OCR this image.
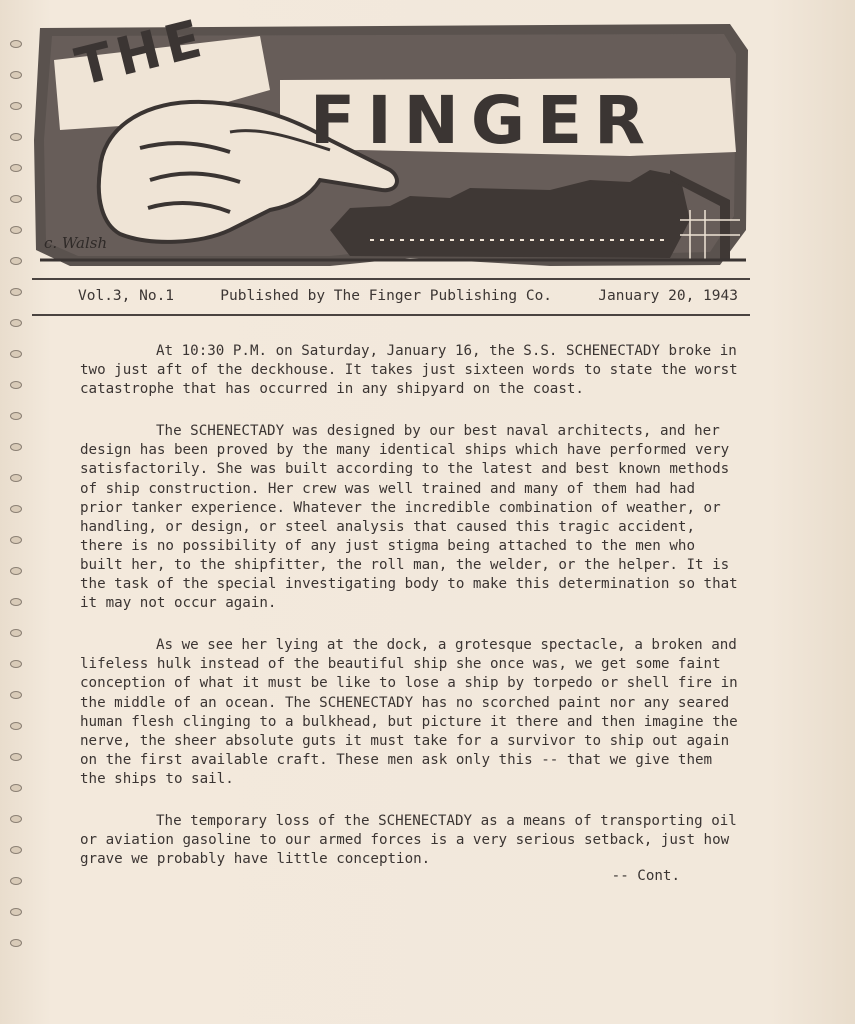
THE
FINGER
c. Walsh
Vol.3, No.1	Published by The Finger Publishing Co.	January 20, 1943

At 10:30 P.M. on Saturday, January 16, the S.S. SCHENECTADY broke in two just aft of the deckhouse. It takes just sixteen words to state the worst catastrophe that has occurred in any shipyard on the coast.

The SCHENECTADY was designed by our best naval architects, and her design has been proved by the many identical ships which have performed very satisfactorily. She was built according to the latest and best known methods of ship construction. Her crew was well trained and many of them had had prior tanker experience. Whatever the incredible combination of weather, or handling, or design, or steel analysis that caused this tragic accident, there is no possibility of any just stigma being attached to the men who built her, to the shipfitter, the roll man, the welder, or the helper. It is the task of the special investigating body to make this determination so that it may not occur again.

As we see her lying at the dock, a grotesque spectacle, a broken and lifeless hulk instead of the beautiful ship she once was, we get some faint conception of what it must be like to lose a ship by torpedo or shell fire in the middle of an ocean. The SCHENECTADY has no scorched paint nor any seared human flesh clinging to a bulkhead, but picture it there and then imagine the nerve, the sheer absolute guts it must take for a survivor to ship out again on the first available craft. These men ask only this -- that we give them the ships to sail.

The temporary loss of the SCHENECTADY as a means of transporting oil or aviation gasoline to our armed forces is a very serious setback, just how grave we probably have little conception.

-- Cont.
